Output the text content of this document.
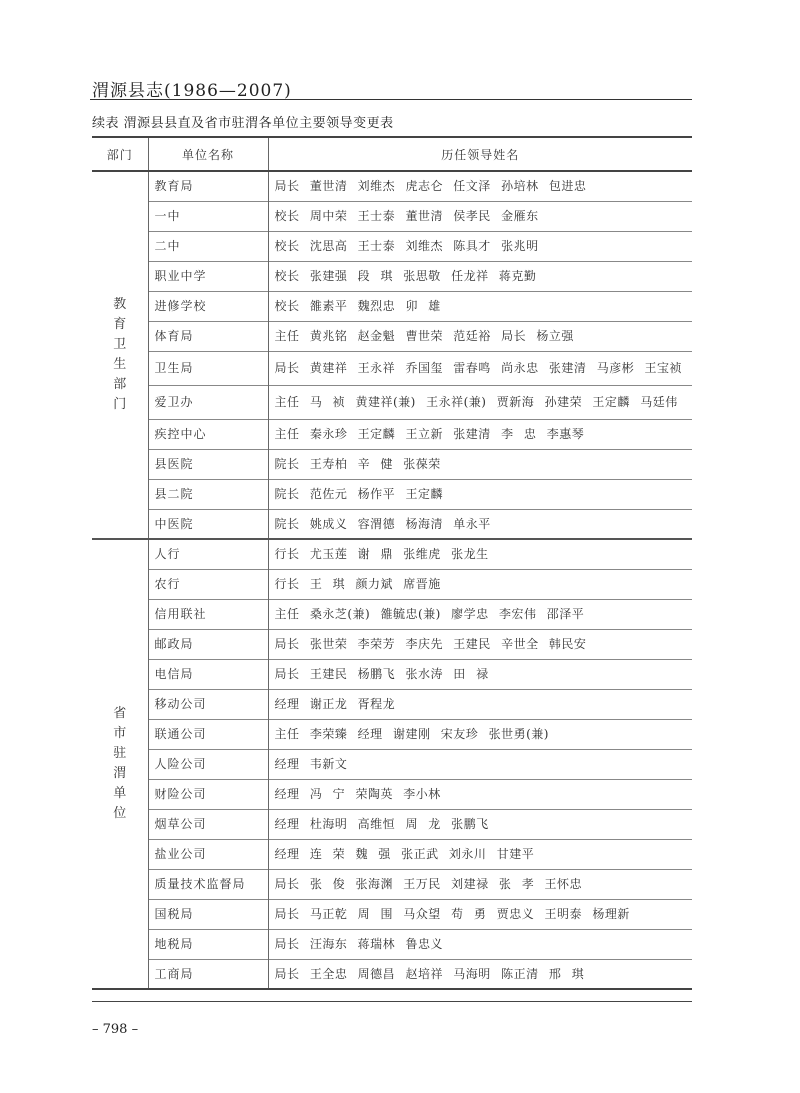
渭源县志(1986—2007)
续表 渭源县县直及省市驻渭各单位主要领导变更表
部门	单位名称	历任领导姓名
教育卫生部门	教育局	局长 董世清 刘维杰 虎志仑 任文泽 孙培林 包进忠
	一中	校长 周中荣 王士泰 董世清 侯孝民 金雁东
	二中	校长 沈思高 王士泰 刘维杰 陈具才 张兆明
	职业中学	校长 张建强 段 琪 张思敬 任龙祥 蒋克勤
	进修学校	校长 雒素平 魏烈忠 卯 雄
	体育局	主任 黄兆铭 赵金魁 曹世荣 范廷裕 局长 杨立强
	卫生局	局长 黄建祥 王永祥 乔国玺 雷春鸣 尚永忠 张建清 马彦彬 王宝祯
	爱卫办	主任 马 祯 黄建祥(兼) 王永祥(兼) 贾新海 孙建荣 王定麟 马廷伟
	疾控中心	主任 秦永珍 王定麟 王立新 张建清 李 忠 李惠琴
	县医院	院长 王寿柏 辛 健 张葆荣
	县二院	院长 范佐元 杨作平 王定麟
	中医院	院长 姚成义 容渭德 杨海清 单永平
省市驻渭单位	人行	行长 尤玉莲 谢 鼎 张维虎 张龙生
	农行	行长 王 琪 颜力斌 席晋施
	信用联社	主任 桑永芝(兼) 雒毓忠(兼) 廖学忠 李宏伟 邵泽平
	邮政局	局长 张世荣 李荣芳 李庆先 王建民 辛世全 韩民安
	电信局	局长 王建民 杨鹏飞 张水涛 田 禄
	移动公司	经理 谢正龙 胥程龙
	联通公司	主任 李荣臻 经理 谢建刚 宋友珍 张世勇(兼)
	人险公司	经理 韦新文
	财险公司	经理 冯 宁 荣陶英 李小林
	烟草公司	经理 杜海明 高维恒 周 龙 张鹏飞
	盐业公司	经理 连 荣 魏 强 张正武 刘永川 甘建平
	质量技术监督局	局长 张 俊 张海渊 王万民 刘建禄 张 孝 王怀忠
	国税局	局长 马正乾 周 围 马众望 苟 勇 贾忠义 王明泰 杨理新
	地税局	局长 汪海东 蒋瑞林 鲁忠义
	工商局	局长 王全忠 周德昌 赵培祥 马海明 陈正清 邢 琪
– 798 –
